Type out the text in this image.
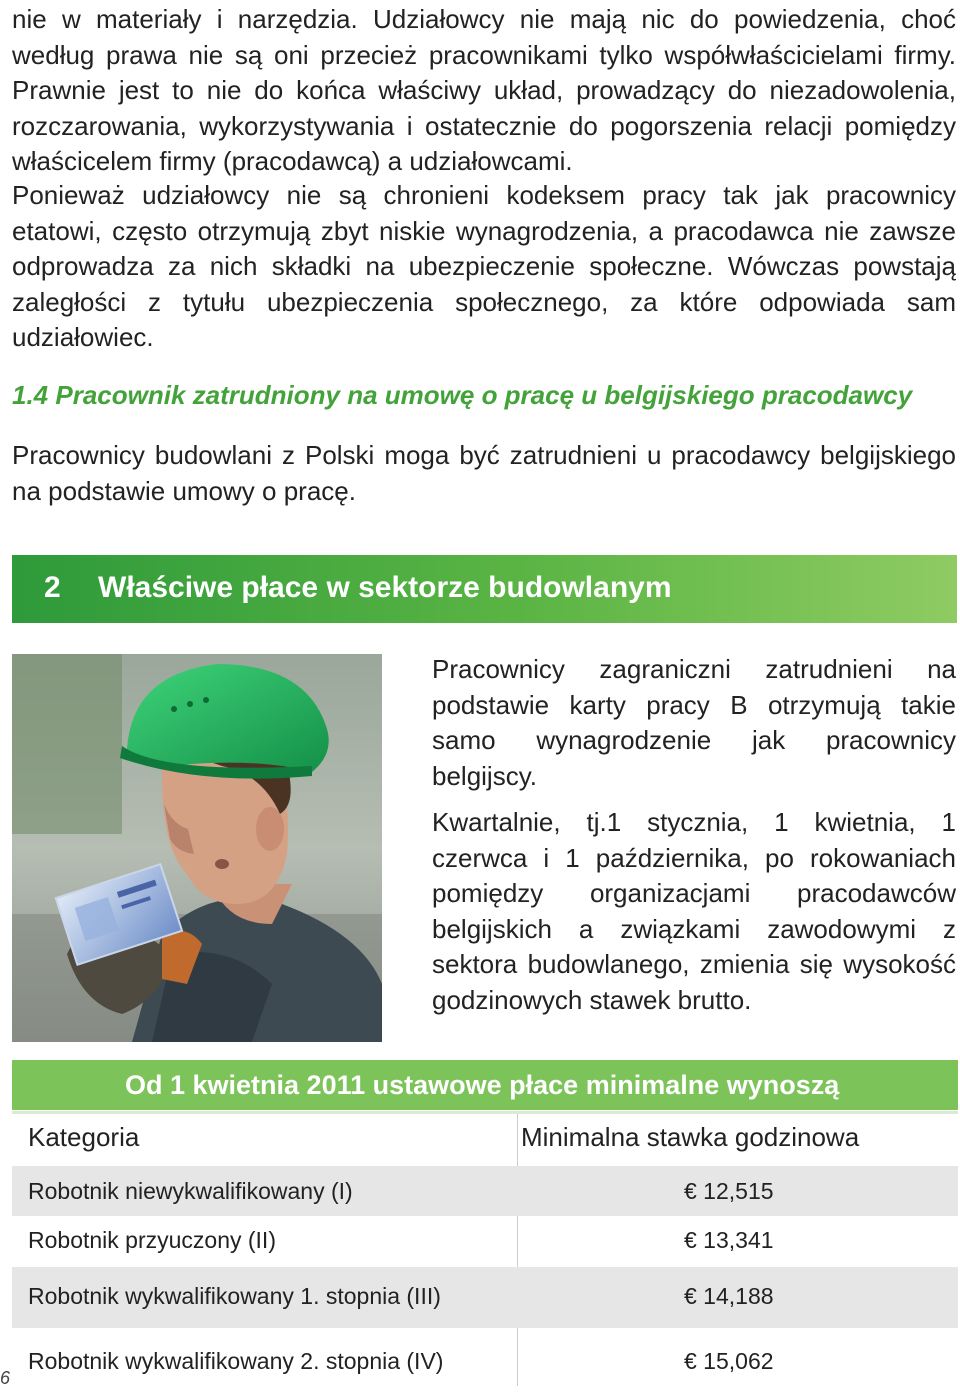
nie w materiały i narzędzia. Udziałowcy nie mają nic do powiedzenia, choć według prawa nie są oni przecież pracownikami tylko współwłaścicielami firmy. Prawnie jest to nie do końca właściwy układ, prowadzący do niezadowolenia, rozczarowania, wykorzystywania i ostatecznie do pogorszenia relacji pomiędzy właścicelem firmy (pracodawcą) a udziałowcami.

Ponieważ udziałowcy nie są chronieni kodeksem pracy tak jak pracownicy etatowi, często otrzymują zbyt niskie wynagrodzenia, a pracodawca nie zawsze odprowadza za nich składki na ubezpieczenie społeczne. Wówczas powstają zaległości z tytułu ubezpieczenia społecznego, za które odpowiada sam udziałowiec.

1.4 Pracownik zatrudniony na umowę o pracę u belgijskiego pracodawcy

Pracownicy budowlani z Polski moga być zatrudnieni u pracodawcy belgijskiego na podstawie umowy o pracę.

2 Właściwe płace w sektorze budowlanym

Pracownicy zagraniczni zatrudnieni na podstawie karty pracy B otrzymują takie samo wynagrodzenie jak pracownicy belgijscy.

Kwartalnie, tj.1 stycznia, 1 kwietnia, 1 czerwca i 1 października, po rokowaniach pomiędzy organizacjami pracodawców belgijskich a związkami zawodowymi z sektora budowlanego, zmienia się wysokość godzinowych stawek brutto.

Od 1 kwietnia 2011 ustawowe płace minimalne wynoszą
Kategoria	Minimalna stawka godzinowa
Robotnik niewykwalifikowany (I)	€ 12,515
Robotnik przyuczony (II)	€ 13,341
Robotnik wykwalifikowany 1. stopnia (III)	€ 14,188
Robotnik wykwalifikowany 2. stopnia (IV)	€ 15,062
6
